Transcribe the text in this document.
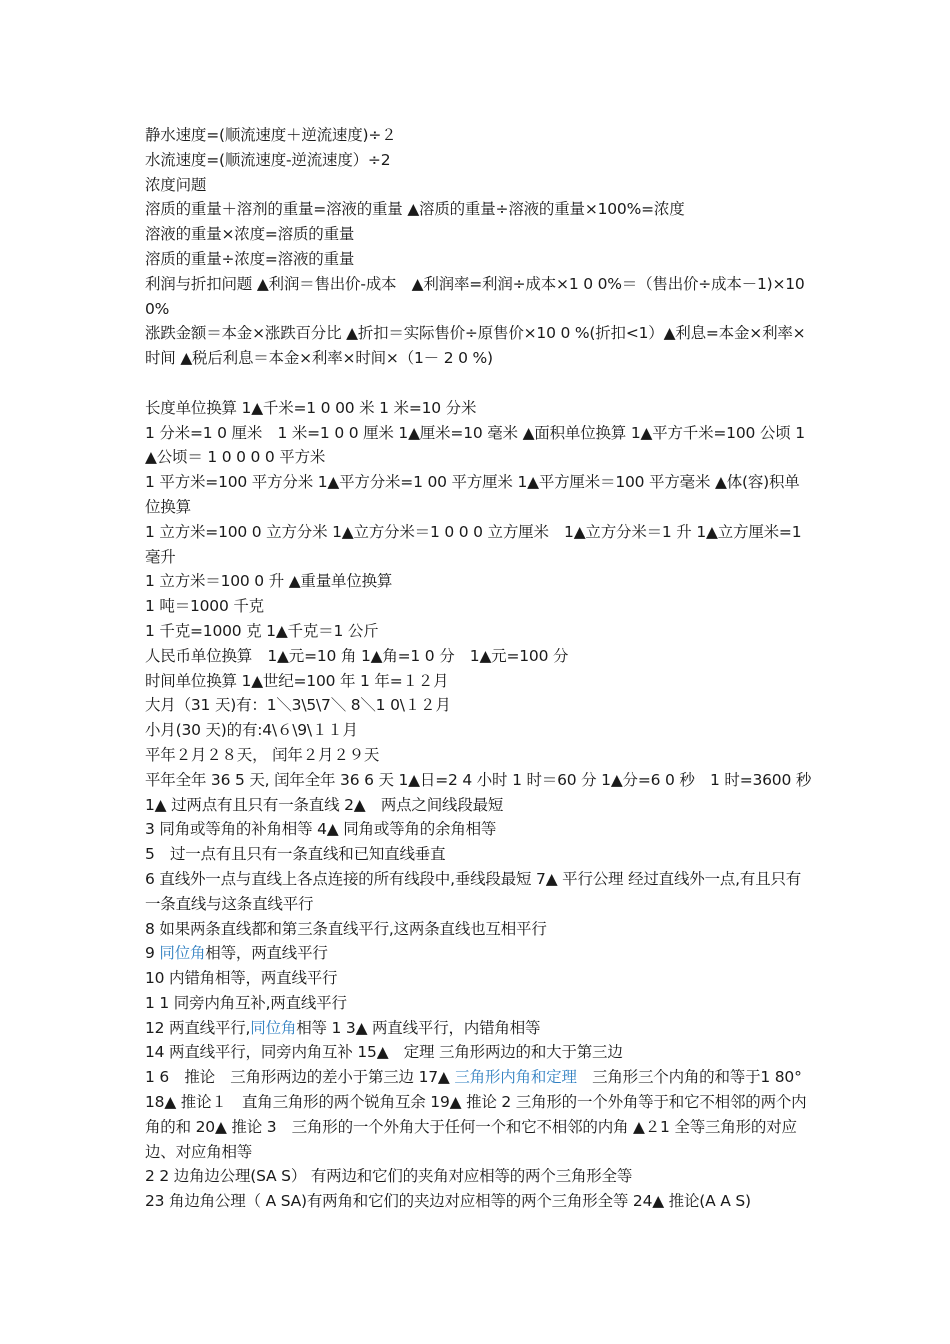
静水速度=(顺流速度＋逆流速度)÷２
水流速度=(顺流速度-逆流速度）÷2
浓度问题
溶质的重量＋溶剂的重量=溶液的重量 ▲溶质的重量÷溶液的重量×100%=浓度
溶液的重量×浓度=溶质的重量
溶质的重量÷浓度=溶液的重量
利润与折扣问题 ▲利润＝售出价-成本　▲利润率=利润÷成本×1 0 0%＝（售出价÷成本－1)×100%
涨跌金额＝本金×涨跌百分比 ▲折扣＝实际售价÷原售价×10 0 %(折扣<1）▲利息=本金×利率×时间 ▲税后利息＝本金×利率×时间×（1－ 2 0 %)
长度单位换算 1▲千米=1 0 00 米 1 米=10 分米
1 分米=1 0 厘米　1 米=1 0 0 厘米 1▲厘米=10 毫米 ▲面积单位换算 1▲平方千米=100 公顷 1▲公顷＝ 1 0 0 0 0 平方米
1 平方米=100 平方分米 1▲平方分米=1 00 平方厘米 1▲平方厘米＝100 平方毫米 ▲体(容)积单位换算
1 立方米=100 0 立方分米 1▲立方分米＝1 0 0 0 立方厘米　1▲立方分米＝1 升 1▲立方厘米=1 毫升
1 立方米＝100 0 升 ▲重量单位换算
1 吨＝1000 千克
1 千克=1000 克 1▲千克＝1 公斤
人民币单位换算　1▲元=10 角 1▲角=1 0 分　1▲元=100 分
时间单位换算 1▲世纪=100 年 1 年=１２月
大月（31 天)有：1＼3\5\7＼ 8＼1 0\１２月
小月(30 天)的有:4\６\9\１１月
平年２月２８天， 闰年２月２９天
平年全年 36 5 天, 闰年全年 36 6 天 1▲日=2 4 小时 1 时＝60 分 1▲分=6 0 秒　1 时=3600 秒 1▲ 过两点有且只有一条直线 2▲　两点之间线段最短
3 同角或等角的补角相等 4▲ 同角或等角的余角相等
5　过一点有且只有一条直线和已知直线垂直
6 直线外一点与直线上各点连接的所有线段中,垂线段最短 7▲ 平行公理 经过直线外一点,有且只有一条直线与这条直线平行
8 如果两条直线都和第三条直线平行,这两条直线也互相平行
9 同位角相等，两直线平行
10 内错角相等，两直线平行
1 1 同旁内角互补,两直线平行
12 两直线平行,同位角相等 1 3▲ 两直线平行，内错角相等
14 两直线平行，同旁内角互补 15▲　定理 三角形两边的和大于第三边
1 6　推论　三角形两边的差小于第三边 17▲ 三角形内角和定理　三角形三个内角的和等于1 80° 18▲ 推论１　直角三角形的两个锐角互余 19▲ 推论 2 三角形的一个外角等于和它不相邻的两个内角的和 20▲ 推论 3　三角形的一个外角大于任何一个和它不相邻的内角 ▲２1 全等三角形的对应边、对应角相等
2 2 边角边公理(SA S） 有两边和它们的夹角对应相等的两个三角形全等
23 角边角公理（ A SA)有两角和它们的夹边对应相等的两个三角形全等 24▲ 推论(A A S)
